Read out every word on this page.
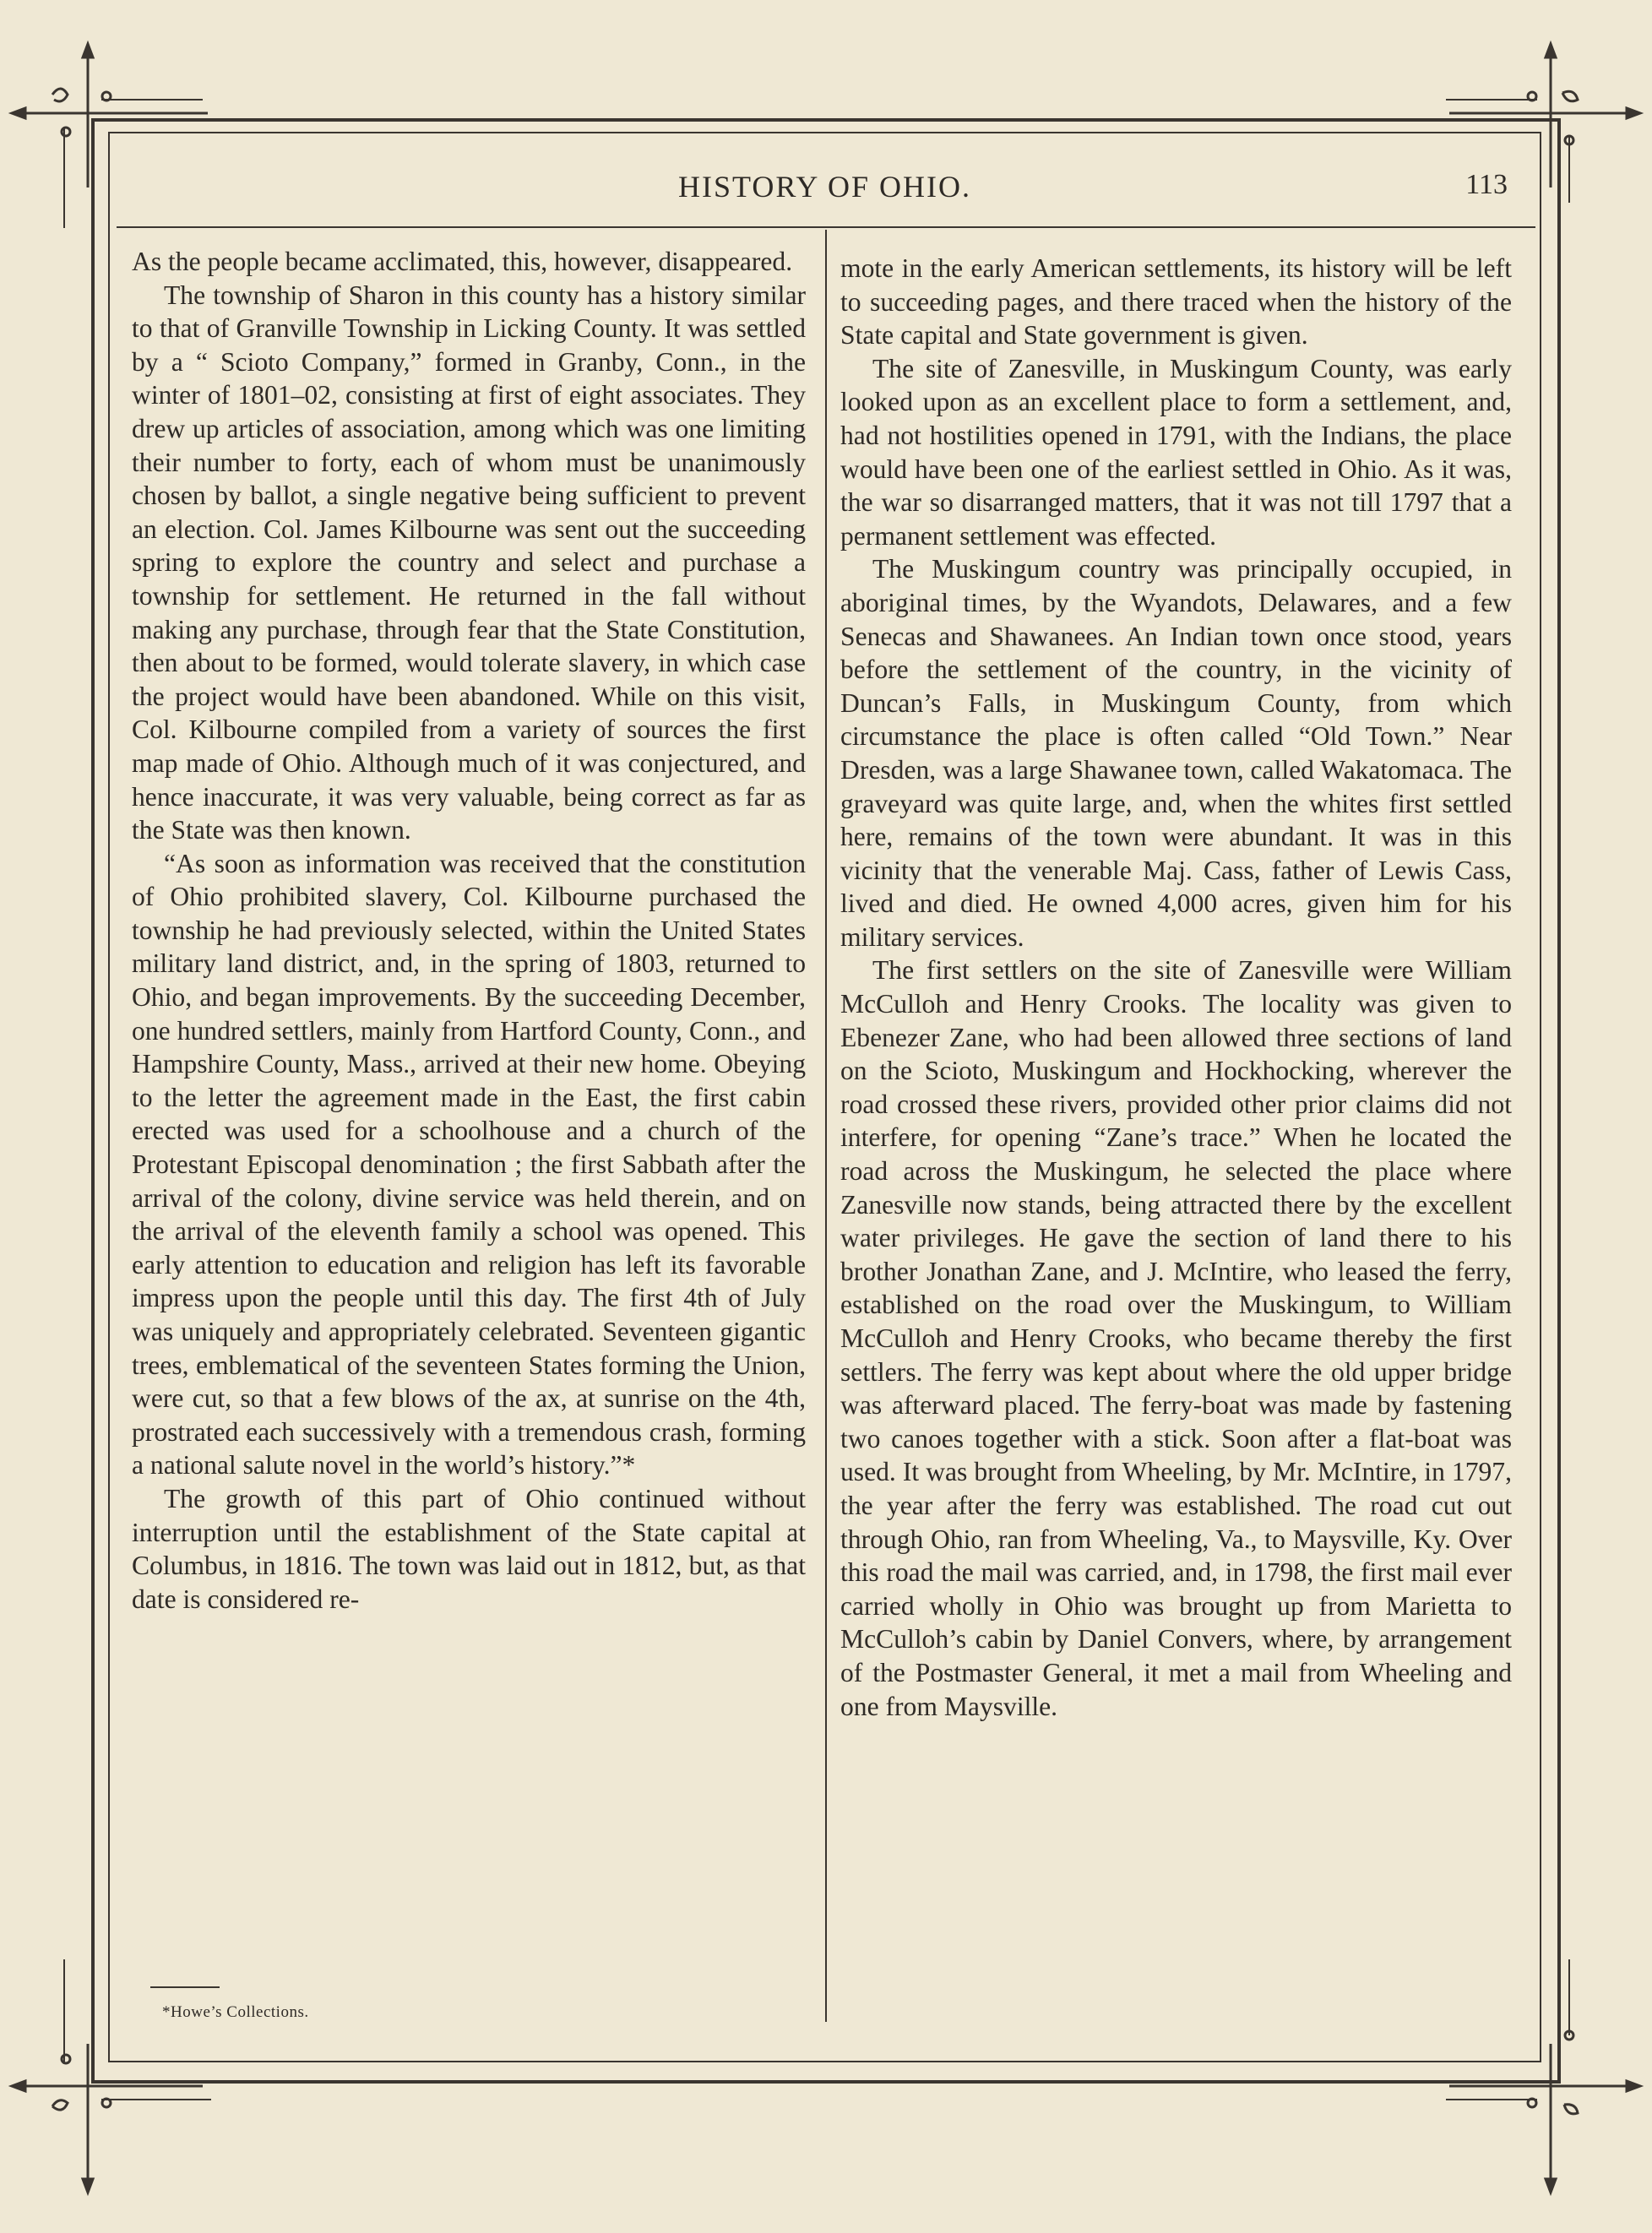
HISTORY OF OHIO.	113

As the people became acclimated, this, however, disappeared.

The township of Sharon in this county has a history similar to that of Granville Township in Licking County. It was settled by a “ Scioto Company,” formed in Granby, Conn., in the winter of 1801–02, consisting at first of eight associates. They drew up articles of association, among which was one limiting their number to forty, each of whom must be unanimously chosen by ballot, a single negative being sufficient to prevent an election. Col. James Kilbourne was sent out the succeeding spring to explore the country and select and purchase a township for settlement. He returned in the fall without making any purchase, through fear that the State Constitution, then about to be formed, would tolerate slavery, in which case the project would have been abandoned. While on this visit, Col. Kilbourne compiled from a variety of sources the first map made of Ohio. Although much of it was conjectured, and hence inaccurate, it was very valuable, being correct as far as the State was then known.

“As soon as information was received that the constitution of Ohio prohibited slavery, Col. Kilbourne purchased the township he had previously selected, within the United States military land district, and, in the spring of 1803, returned to Ohio, and began improvements. By the succeeding December, one hundred settlers, mainly from Hartford County, Conn., and Hampshire County, Mass., arrived at their new home. Obeying to the letter the agreement made in the East, the first cabin erected was used for a schoolhouse and a church of the Protestant Episcopal denomination ; the first Sabbath after the arrival of the colony, divine service was held therein, and on the arrival of the eleventh family a school was opened. This early attention to education and religion has left its favorable impress upon the people until this day. The first 4th of July was uniquely and appropriately celebrated. Seventeen gigantic trees, emblematical of the seventeen States forming the Union, were cut, so that a few blows of the ax, at sunrise on the 4th, prostrated each successively with a tremendous crash, forming a national salute novel in the world’s history.”*

The growth of this part of Ohio continued without interruption until the establishment of the State capital at Columbus, in 1816. The town was laid out in 1812, but, as that date is considered re-

mote in the early American settlements, its history will be left to succeeding pages, and there traced when the history of the State capital and State government is given.

The site of Zanesville, in Muskingum County, was early looked upon as an excellent place to form a settlement, and, had not hostilities opened in 1791, with the Indians, the place would have been one of the earliest settled in Ohio. As it was, the war so disarranged matters, that it was not till 1797 that a permanent settlement was effected.

The Muskingum country was principally occupied, in aboriginal times, by the Wyandots, Delawares, and a few Senecas and Shawanees. An Indian town once stood, years before the settlement of the country, in the vicinity of Duncan’s Falls, in Muskingum County, from which circumstance the place is often called “Old Town.” Near Dresden, was a large Shawanee town, called Wakatomaca. The graveyard was quite large, and, when the whites first settled here, remains of the town were abundant. It was in this vicinity that the venerable Maj. Cass, father of Lewis Cass, lived and died. He owned 4,000 acres, given him for his military services.

The first settlers on the site of Zanesville were William McCulloh and Henry Crooks. The locality was given to Ebenezer Zane, who had been allowed three sections of land on the Scioto, Muskingum and Hockhocking, wherever the road crossed these rivers, provided other prior claims did not interfere, for opening “Zane’s trace.” When he located the road across the Muskingum, he selected the place where Zanesville now stands, being attracted there by the excellent water privileges. He gave the section of land there to his brother Jonathan Zane, and J. McIntire, who leased the ferry, established on the road over the Muskingum, to William McCulloh and Henry Crooks, who became thereby the first settlers. The ferry was kept about where the old upper bridge was afterward placed. The ferry-boat was made by fastening two canoes together with a stick. Soon after a flat-boat was used. It was brought from Wheeling, by Mr. McIntire, in 1797, the year after the ferry was established. The road cut out through Ohio, ran from Wheeling, Va., to Maysville, Ky. Over this road the mail was carried, and, in 1798, the first mail ever carried wholly in Ohio was brought up from Marietta to McCulloh’s cabin by Daniel Convers, where, by arrangement of the Postmaster General, it met a mail from Wheeling and one from Maysville.

*Howe’s Collections.
